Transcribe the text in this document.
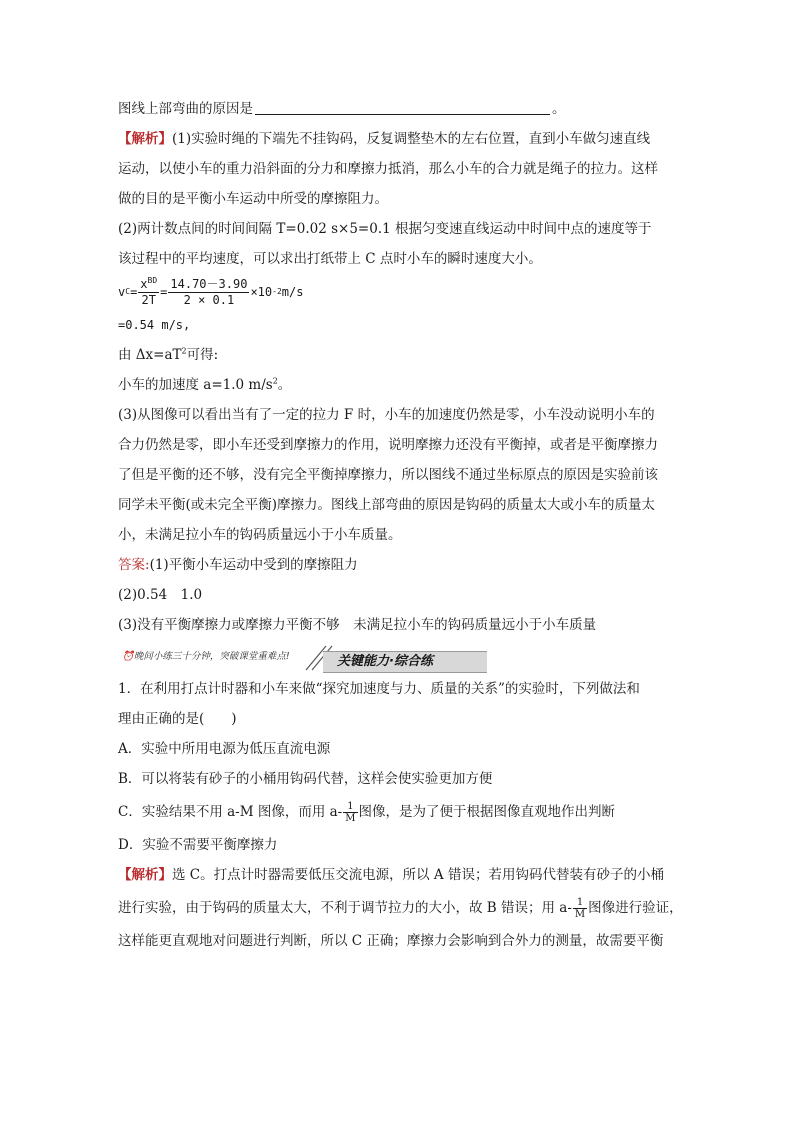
图线上部弯曲的原因是	。

【解析】(1)实验时绳的下端先不挂钩码，反复调整垫木的左右位置，直到小车做匀速直线

运动，以使小车的重力沿斜面的分力和摩擦力抵消，那么小车的合力就是绳子的拉力。这样

做的目的是平衡小车运动中所受的摩擦阻力。

(2)两计数点间的时间间隔 T=0.02 s×5=0.1 根据匀变速直线运动中时间中点的速度等于

该过程中的平均速度，可以求出打纸带上 C 点时小车的瞬时速度大小。

v $C = \frac{x^{BD}}{2T} = \frac{14.70-3.90}{2 \times 0.1} \times 10$ -2 m/s

=0.54 m/s,

由 $\Delta x=aT^2$可得:

小车的加速度 a=1.0 $m/s^2$。

(3)从图像可以看出当有了一定的拉力 F 时，小车的加速度仍然是零，小车没动说明小车的

合力仍然是零，即小车还受到摩擦力的作用，说明摩擦力还没有平衡掉，或者是平衡摩擦力

了但是平衡的还不够，没有完全平衡掉摩擦力，所以图线不通过坐标原点的原因是实验前该

同学未平衡(或未完全平衡)摩擦力。图线上部弯曲的原因是钩码的质量太大或小车的质量太

小，未满足拉小车的钩码质量远小于小车质量。

答案:(1)平衡小车运动中受到的摩擦阻力

(2)0.54　1.0

(3)没有平衡摩擦力或摩擦力平衡不够　未满足拉小车的钩码质量远小于小车质量

⏰晚间小练三十分钟，突破课堂重难点!	关键能力·综合练

1．在利用打点计时器和小车来做“探究加速度与力、质量的关系”的实验时，下列做法和

理由正确的是(　　)

A．实验中所用电源为低压直流电源

B．可以将装有砂子的小桶用钩码代替，这样会使实验更加方便

C．实验结果不用 a-M 图像，而用 $a- \frac{1}{M}$ 图像，是为了便于根据图像直观地作出判断

D．实验不需要平衡摩擦力

【解析】选 C。打点计时器需要低压交流电源，所以 A 错误；若用钩码代替装有砂子的小桶

进行实验，由于钩码的质量太大，不利于调节拉力的大小，故 B 错误；用 $a- \frac{1}{M}$ 图像进行验证，

这样能更直观地对问题进行判断，所以 C 正确；摩擦力会影响到合外力的测量，故需要平衡
